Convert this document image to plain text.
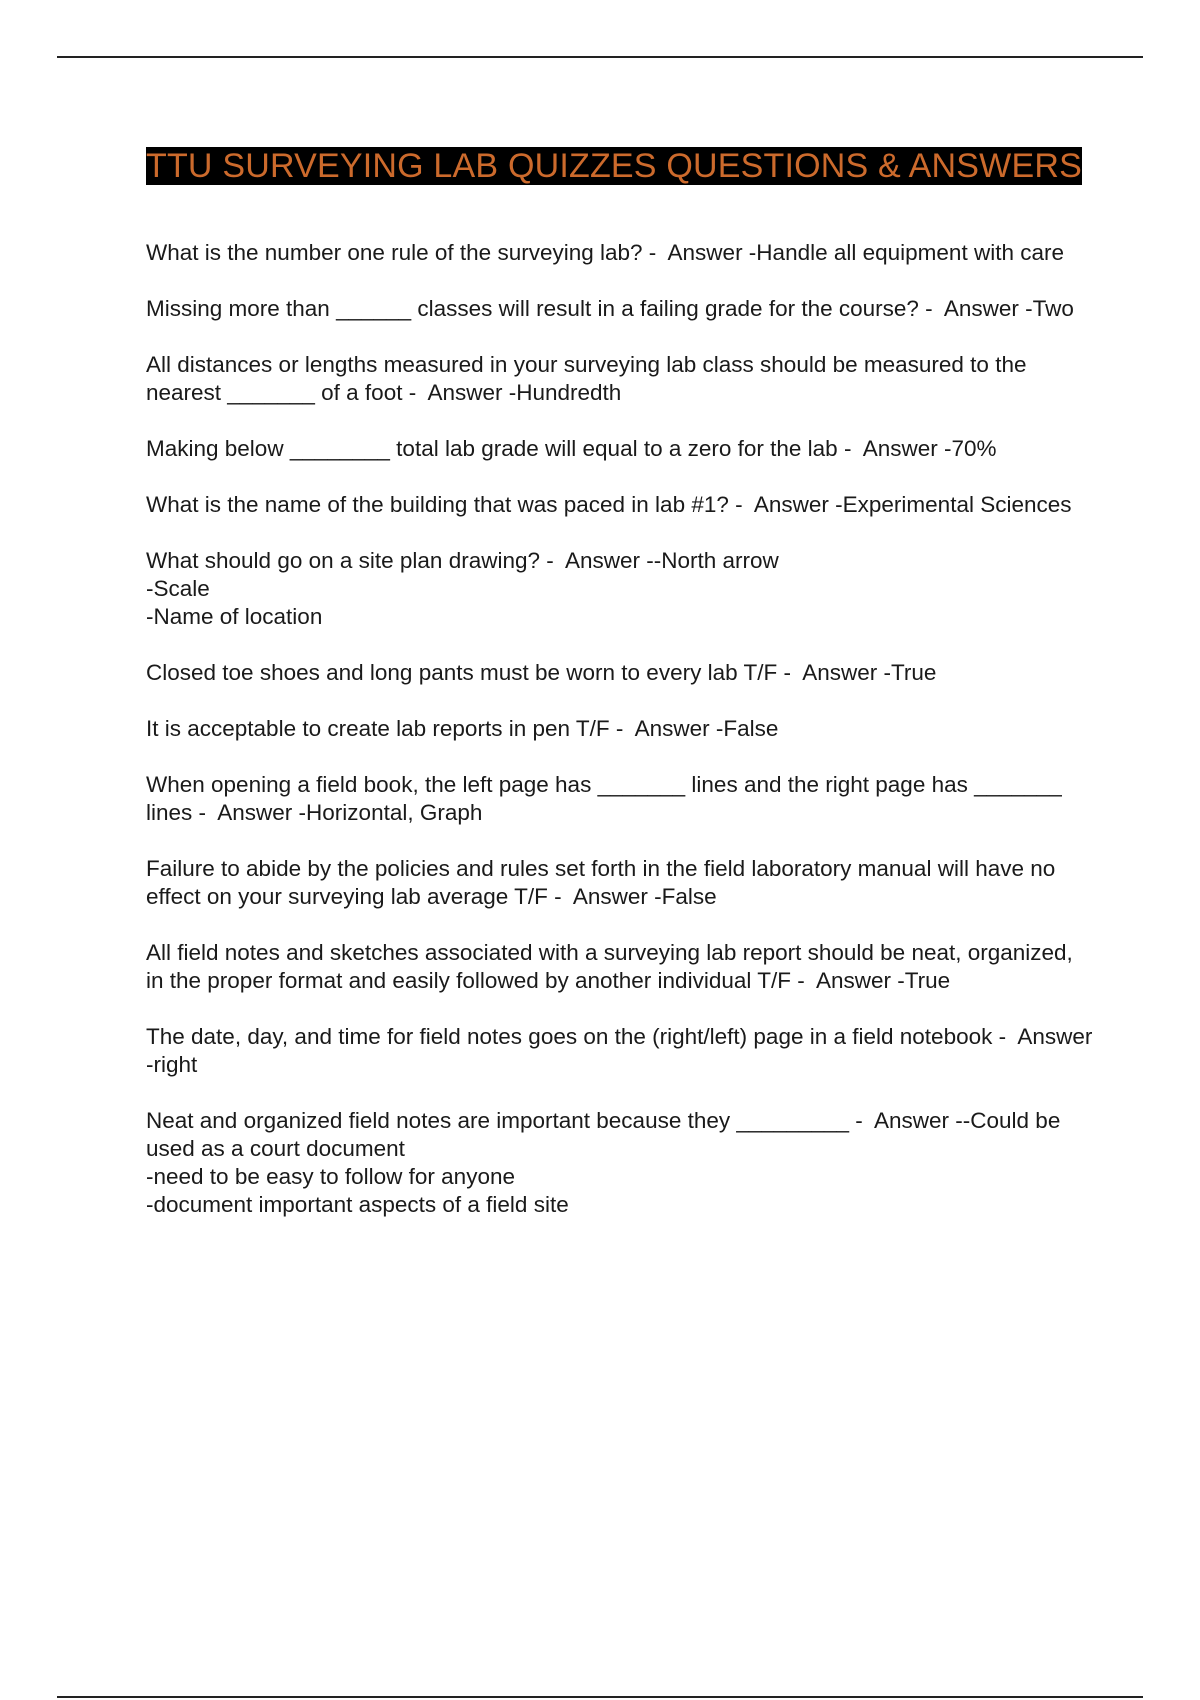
TTU SURVEYING LAB QUIZZES QUESTIONS & ANSWERS

What is the number one rule of the surveying lab? -  Answer -Handle all equipment with care

Missing more than ______ classes will result in a failing grade for the course? -  Answer -Two

All distances or lengths measured in your surveying lab class should be measured to the nearest _______ of a foot -  Answer -Hundredth

Making below ________ total lab grade will equal to a zero for the lab -  Answer -70%

What is the name of the building that was paced in lab #1? -  Answer -Experimental Sciences

What should go on a site plan drawing? -  Answer --North arrow
-Scale
-Name of location

Closed toe shoes and long pants must be worn to every lab T/F -  Answer -True

It is acceptable to create lab reports in pen T/F -  Answer -False

When opening a field book, the left page has _______ lines and the right page has _______ lines -  Answer -Horizontal, Graph

Failure to abide by the policies and rules set forth in the field laboratory manual will have no effect on your surveying lab average T/F -  Answer -False

All field notes and sketches associated with a surveying lab report should be neat, organized, in the proper format and easily followed by another individual T/F -  Answer -True

The date, day, and time for field notes goes on the (right/left) page in a field notebook -  Answer -right

Neat and organized field notes are important because they _________ -  Answer --Could be used as a court document
-need to be easy to follow for anyone
-document important aspects of a field site
